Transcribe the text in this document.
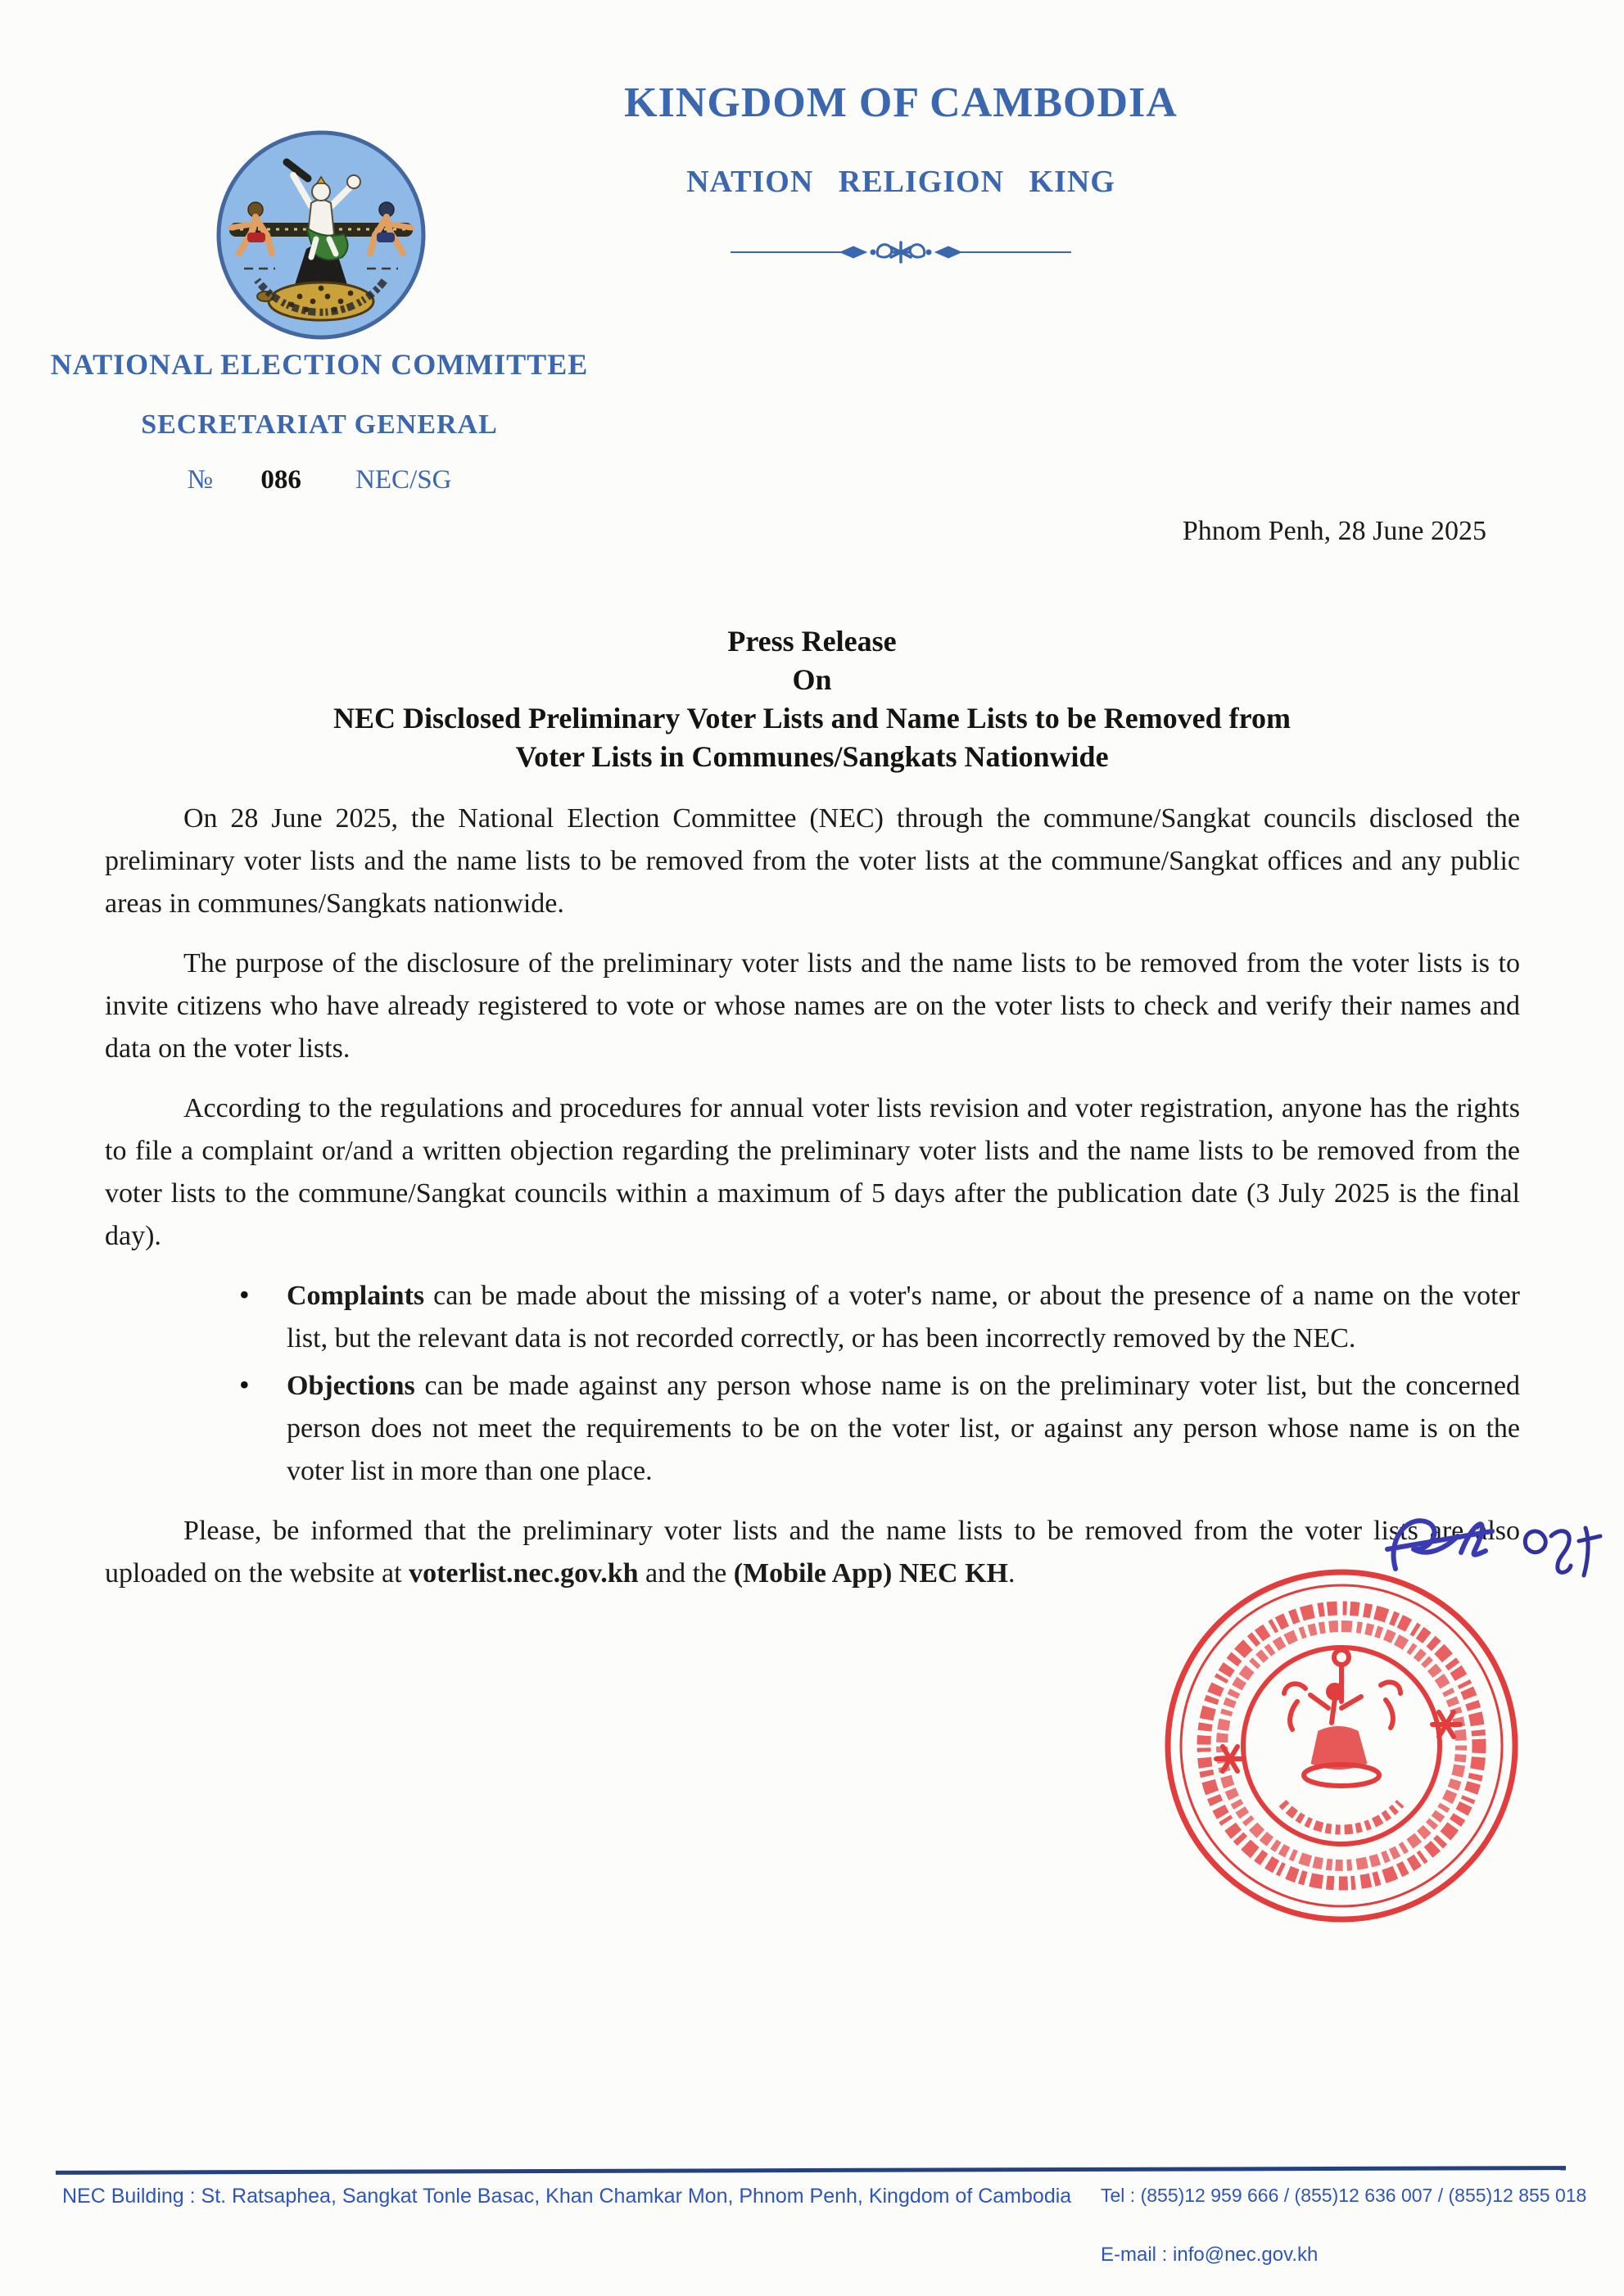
KINGDOM OF CAMBODIA
NATION RELIGION KING
NATIONAL ELECTION COMMITTEE
SECRETARIAT GENERAL
№ 086 NEC/SG
Phnom Penh, 28 June 2025
Press Release
On
NEC Disclosed Preliminary Voter Lists and Name Lists to be Removed from
Voter Lists in Communes/Sangkats Nationwide

On 28 June 2025, the National Election Committee (NEC) through the commune/Sangkat councils disclosed the preliminary voter lists and the name lists to be removed from the voter lists at the commune/Sangkat offices and any public areas in communes/Sangkats nationwide.

The purpose of the disclosure of the preliminary voter lists and the name lists to be removed from the voter lists is to invite citizens who have already registered to vote or whose names are on the voter lists to check and verify their names and data on the voter lists.

According to the regulations and procedures for annual voter lists revision and voter registration, anyone has the rights to file a complaint or/and a written objection regarding the preliminary voter lists and the name lists to be removed from the voter lists to the commune/Sangkat councils within a maximum of 5 days after the publication date (3 July 2025 is the final day).

• Complaints can be made about the missing of a voter's name, or about the presence of a name on the voter list, but the relevant data is not recorded correctly, or has been incorrectly removed by the NEC.
• Objections can be made against any person whose name is on the preliminary voter list, but the concerned person does not meet the requirements to be on the voter list, or against any person whose name is on the voter list in more than one place.

Please, be informed that the preliminary voter lists and the name lists to be removed from the voter lists are also uploaded on the website at voterlist.nec.gov.kh and the (Mobile App) NEC KH.

NEC Building : St. Ratsaphea, Sangkat Tonle Basac, Khan Chamkar Mon, Phnom Penh, Kingdom of Cambodia	Tel : (855)12 959 666 / (855)12 636 007 / (855)12 855 018
E-mail : info@nec.gov.kh
